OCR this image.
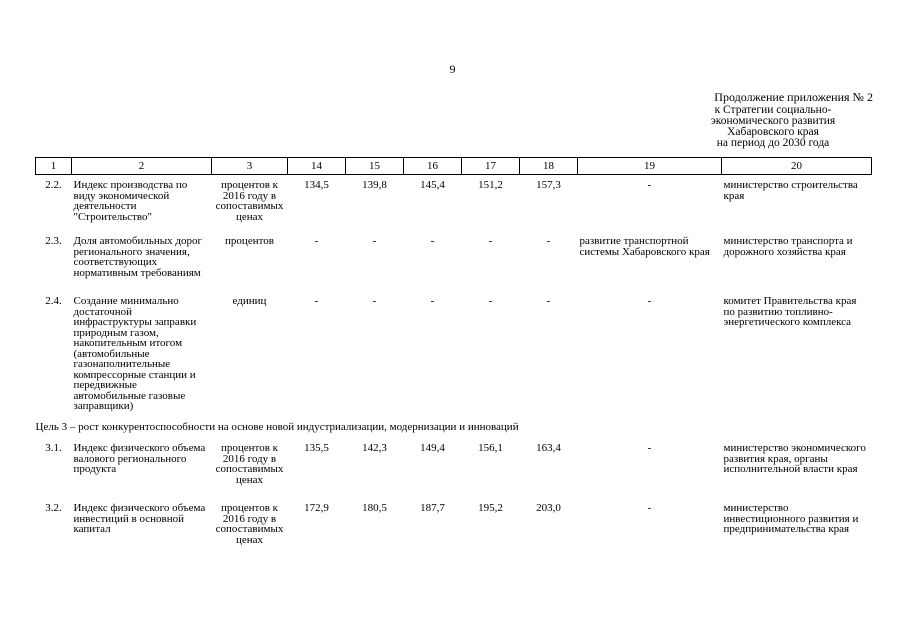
9
Продолжение приложения № 2
к Стратегии социально-
экономического развития
Хабаровского края
на период до 2030 года
1	2	3	14	15	16	17	18	19	20
2.2.	Индекс производства по виду экономической деятельности "Строительство"	процентов к 2016 году в сопоставимых ценах	134,5	139,8	145,4	151,2	157,3	-	министерство строительства края
2.3.	Доля автомобильных дорог регионального значения, соответствующих нормативным требованиям	процентов	-	-	-	-	-	развитие транспортной системы Хабаровского края	министерство транспорта и дорожного хозяйства края
2.4.	Создание минимально достаточной инфраструктуры заправки природным газом, накопительным итогом (автомобильные газонаполнительные компрессорные станции и передвижные автомобильные газовые заправщики)	единиц	-	-	-	-	-	-	комитет Правительства края по развитию топливно-энергетического комплекса
Цель 3 – рост конкурентоспособности на основе новой индустриализации, модернизации и инноваций									
3.1.	Индекс физического объема валового регионального продукта	процентов к 2016 году в сопоставимых ценах	135,5	142,3	149,4	156,1	163,4	-	министерство экономического развития края, органы исполнительной власти края
3.2.	Индекс физического объема инвестиций в основной капитал	процентов к 2016 году в сопоставимых ценах	172,9	180,5	187,7	195,2	203,0	-	министерство инвестиционного развития и предпринимательства края
